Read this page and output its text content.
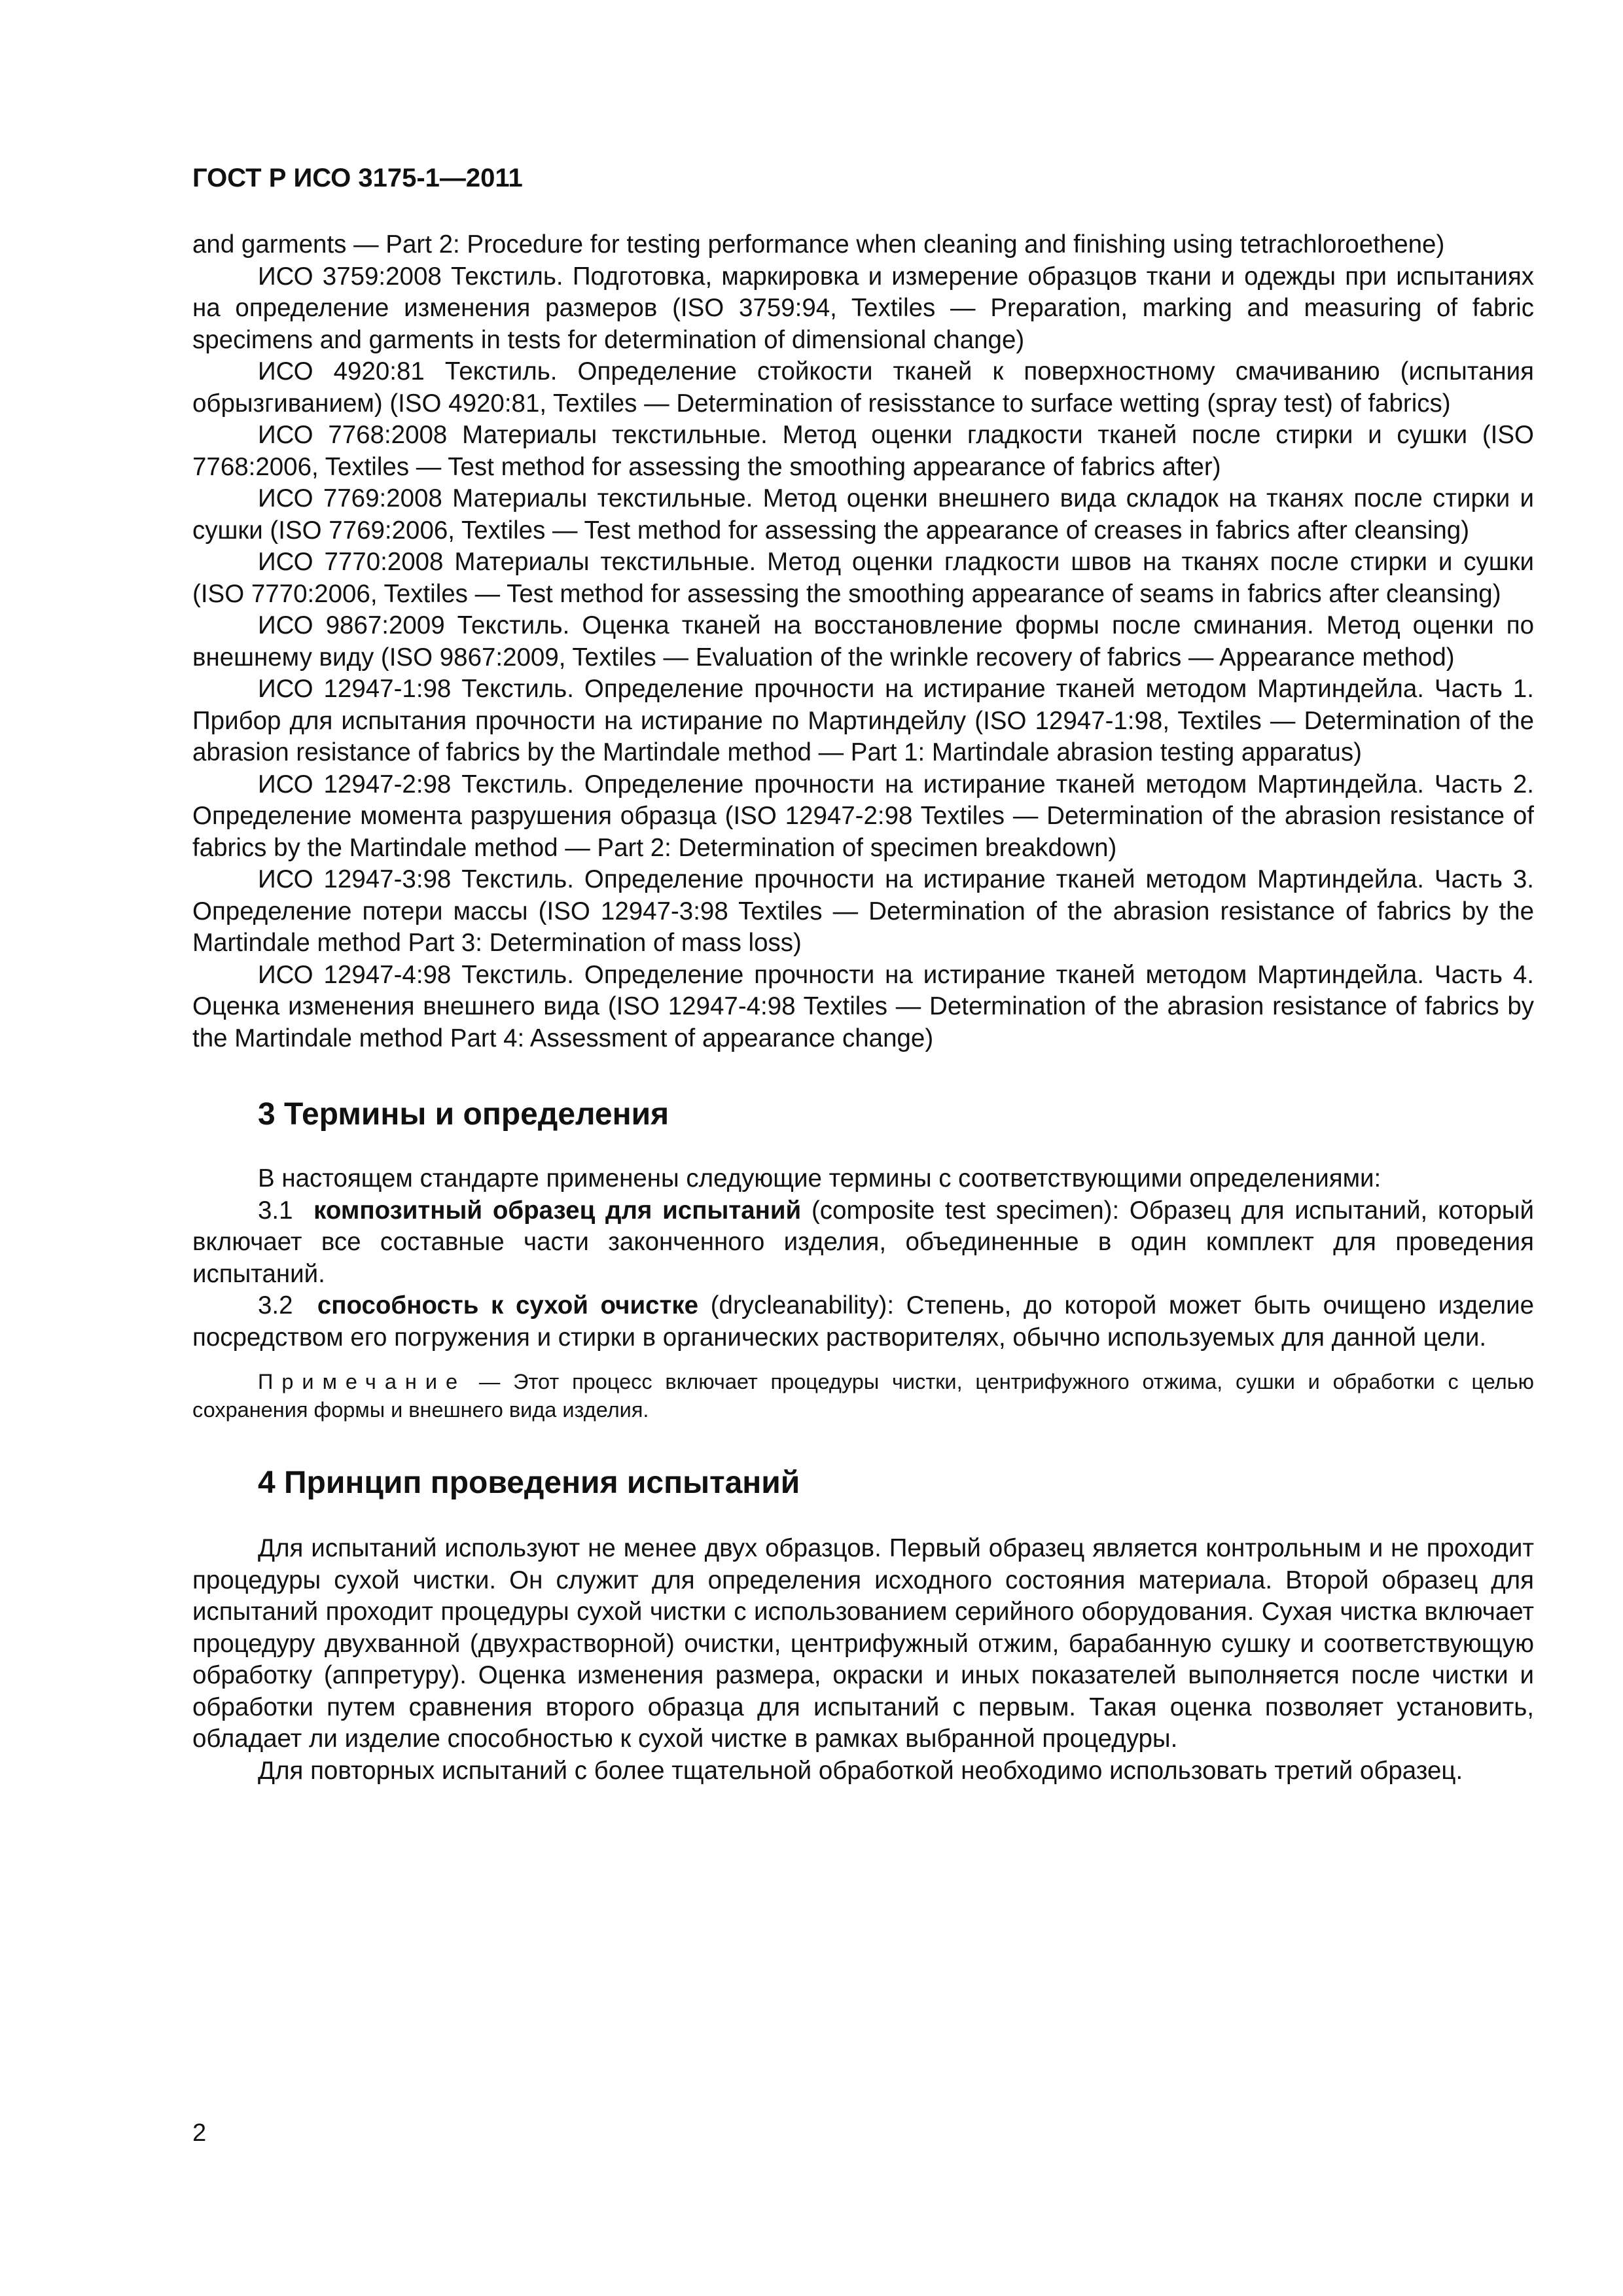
ГОСТ Р ИСО 3175-1—2011

and garments — Part 2: Procedure for testing performance when cleaning and finishing using tetrachloroethene)

ИСО 3759:2008 Текстиль. Подготовка, маркировка и измерение образцов ткани и одежды при испытаниях на определение изменения размеров (ISO 3759:94, Textiles — Preparation, marking and measuring of fabric specimens and garments in tests for determination of dimensional change)

ИСО 4920:81 Текстиль. Определение стойкости тканей к поверхностному смачиванию (испытания обрызгиванием) (ISO 4920:81, Textiles — Determination of resisstance to surface wetting (spray test) of fabrics)

ИСО 7768:2008 Материалы текстильные. Метод оценки гладкости тканей после стирки и сушки (ISO 7768:2006, Textiles — Test method for assessing the smoothing appearance of fabrics after)

ИСО 7769:2008 Материалы текстильные. Метод оценки внешнего вида складок на тканях после стирки и сушки (ISO 7769:2006, Textiles — Test method for assessing the appearance of creases in fabrics after cleansing)

ИСО 7770:2008 Материалы текстильные. Метод оценки гладкости швов на тканях после стирки и сушки (ISO 7770:2006, Textiles — Test method for assessing the smoothing appearance of seams in fabrics after cleansing)

ИСО 9867:2009 Текстиль. Оценка тканей на восстановление формы после сминания. Метод оценки по внешнему виду (ISO 9867:2009, Textiles — Evaluation of the wrinkle recovery of fabrics — Appearance method)

ИСО 12947-1:98 Текстиль. Определение прочности на истирание тканей методом Мартиндейла. Часть 1. Прибор для испытания прочности на истирание по Мартиндейлу (ISO 12947-1:98, Textiles — Determination of the abrasion resistance of fabrics by the Martindale method — Part 1: Martindale abrasion testing apparatus)

ИСО 12947-2:98 Текстиль. Определение прочности на истирание тканей методом Мартиндейла. Часть 2. Определение момента разрушения образца (ISO 12947-2:98 Textiles — Determination of the abrasion resistance of fabrics by the Martindale method — Part 2: Determination of specimen breakdown)

ИСО 12947-3:98 Текстиль. Определение прочности на истирание тканей методом Мартиндейла. Часть 3. Определение потери массы (ISO 12947-3:98 Textiles — Determination of the abrasion resistance of fabrics by the Martindale method Part 3: Determination of mass loss)

ИСО 12947-4:98 Текстиль. Определение прочности на истирание тканей методом Мартиндейла. Часть 4. Оценка изменения внешнего вида (ISO 12947-4:98 Textiles — Determination of the abrasion resistance of fabrics by the Martindale method Part 4: Assessment of appearance change)

3 Термины и определения

В настоящем стандарте применены следующие термины с соответствующими определениями:

3.1 композитный образец для испытаний (composite test specimen): Образец для испытаний, который включает все составные части законченного изделия, объединенные в один комплект для проведения испытаний.

3.2 способность к сухой очистке (drycleanability): Степень, до которой может быть очищено изделие посредством его погружения и стирки в органических растворителях, обычно используемых для данной цели.

Примечание — Этот процесс включает процедуры чистки, центрифужного отжима, сушки и обработки с целью сохранения формы и внешнего вида изделия.

4 Принцип проведения испытаний

Для испытаний используют не менее двух образцов. Первый образец является контрольным и не проходит процедуры сухой чистки. Он служит для определения исходного состояния материала. Второй образец для испытаний проходит процедуры сухой чистки с использованием серийного оборудования. Сухая чистка включает процедуру двухванной (двухрастворной) очистки, центрифужный отжим, барабанную сушку и соответствующую обработку (аппретуру). Оценка изменения размера, окраски и иных показателей выполняется после чистки и обработки путем сравнения второго образца для испытаний с первым. Такая оценка позволяет установить, обладает ли изделие способностью к сухой чистке в рамках выбранной процедуры.

Для повторных испытаний с более тщательной обработкой необходимо использовать третий образец.

2
